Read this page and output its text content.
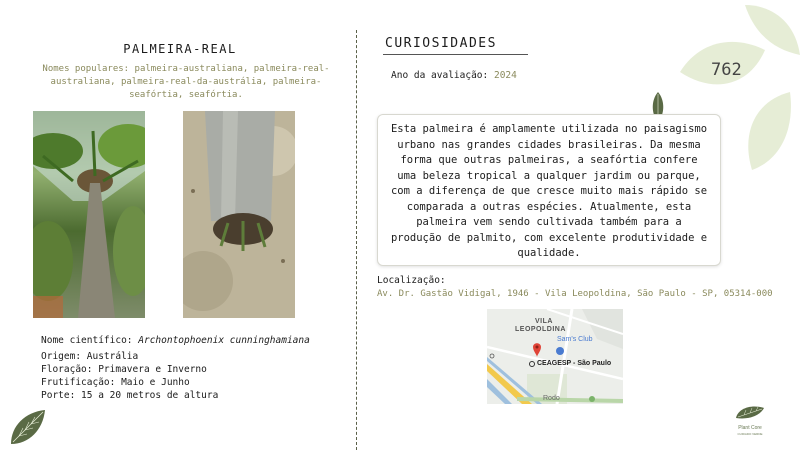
PALMEIRA-REAL
Nomes populares: palmeira-australiana, palmeira-real-australiana, palmeira-real-da-austrália, palmeira-seafórtia, seafórtia.
Nome científico: Archontophoenix cunninghamiana
Origem: Austrália
Floração: Primavera e Inverno
Frutificação: Maio e Junho
Porte: 15 a 20 metros de altura
CURIOSIDADES
Ano da avaliação: 2024	762
Esta palmeira é amplamente utilizada no paisagismo urbano nas grandes cidades brasileiras. Da mesma forma que outras palmeiras, a seafórtia confere uma beleza tropical a qualquer jardim ou parque, com a diferença de que cresce muito mais rápido se comparada a outras espécies. Atualmente, esta palmeira vem sendo cultivada também para a produção de palmito, com excelente produtividade e qualidade.
Localização:
Av. Dr. Gastão Vidigal, 1946 - Vila Leopoldina, São Paulo - SP, 05314-000
VILA
LEOPOLDINA
Sam's Club
CEAGESP - São Paulo
Rodo
Plant Core
CUIDADO VERDE
